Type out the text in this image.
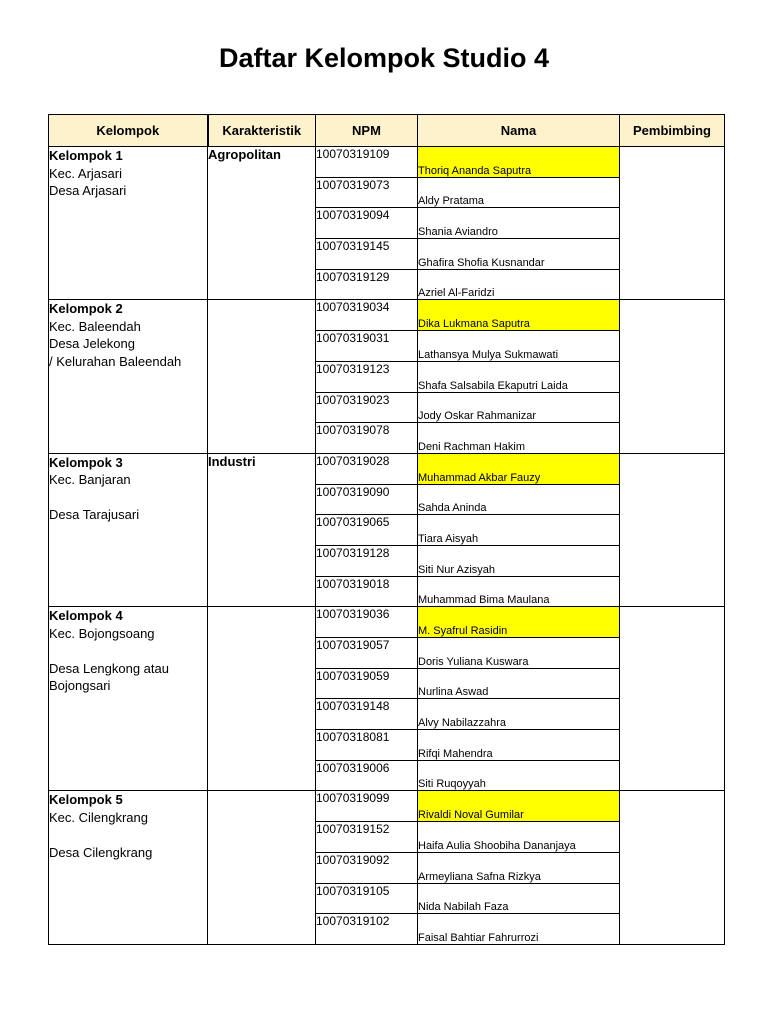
Daftar Kelompok Studio 4
Kelompok	Karakteristik	NPM	Nama	Pembimbing

Kelompok 1
Kec. Arjasari
Desa Arjasari	Agropolitan	10070319109	Thoriq Ananda Saputra	
		10070319073	Aldy Pratama	
		10070319094	Shania Aviandro	
		10070319145	Ghafira Shofia Kusnandar	
		10070319129	Azriel Al-Faridzi	

Kelompok 2
Kec. Baleendah
Desa Jelekong
/ Kelurahan Baleendah		10070319034	Dika Lukmana Saputra	
		10070319031	Lathansya Mulya Sukmawati	
		10070319123	Shafa Salsabila Ekaputri Laida	
		10070319023	Jody Oskar Rahmanizar	
		10070319078	Deni Rachman Hakim	

Kelompok 3
Kec. Banjaran
Desa Tarajusari	Industri	10070319028	Muhammad Akbar Fauzy	
		10070319090	Sahda Aninda	
		10070319065	Tiara Aisyah	
		10070319128	Siti Nur Azisyah	
		10070319018	Muhammad Bima Maulana	

Kelompok 4
Kec. Bojongsoang
Desa Lengkong atau
Bojongsari		10070319036	M. Syafrul Rasidin	
		10070319057	Doris Yuliana Kuswara	
		10070319059	Nurlina Aswad	
		10070319148	Alvy Nabilazzahra	
		10070318081	Rifqi Mahendra	
		10070319006	Siti Ruqoyyah	

Kelompok 5
Kec. Cilengkrang
Desa Cilengkrang		10070319099	Rivaldi Noval Gumilar	
		10070319152	Haifa Aulia Shoobiha Dananjaya	
		10070319092	Armeyliana Safna Rizkya	
		10070319105	Nida Nabilah Faza	
		10070319102	Faisal Bahtiar Fahrurrozi	
